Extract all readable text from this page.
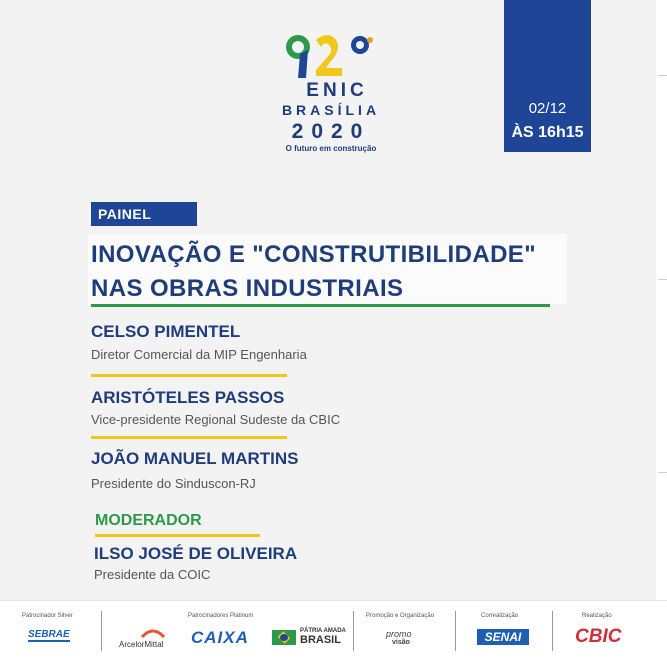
ENIC
BRASÍLIA
2020
O futuro em construção
02/12
ÀS 16h15
PAINEL
INOVAÇÃO E "CONSTRUTIBILIDADE"
NAS OBRAS INDUSTRIAIS
CELSO PIMENTEL
Diretor Comercial da MIP Engenharia
ARISTÓTELES PASSOS
Vice-presidente Regional Sudeste da CBIC
JOÃO MANUEL MARTINS
Presidente do Sinduscon-RJ
MODERADOR
ILSO JOSÉ DE OLIVEIRA
Presidente da COIC
Patrocinador Silver
SEBRAE
Patrocinadores Platinum
ArcelorMittal CAIXA	PÁTRIA AMADA
BRASIL
Promoção e Organização
promo
visão
Correalização
SENAI
Realização
CBIC
